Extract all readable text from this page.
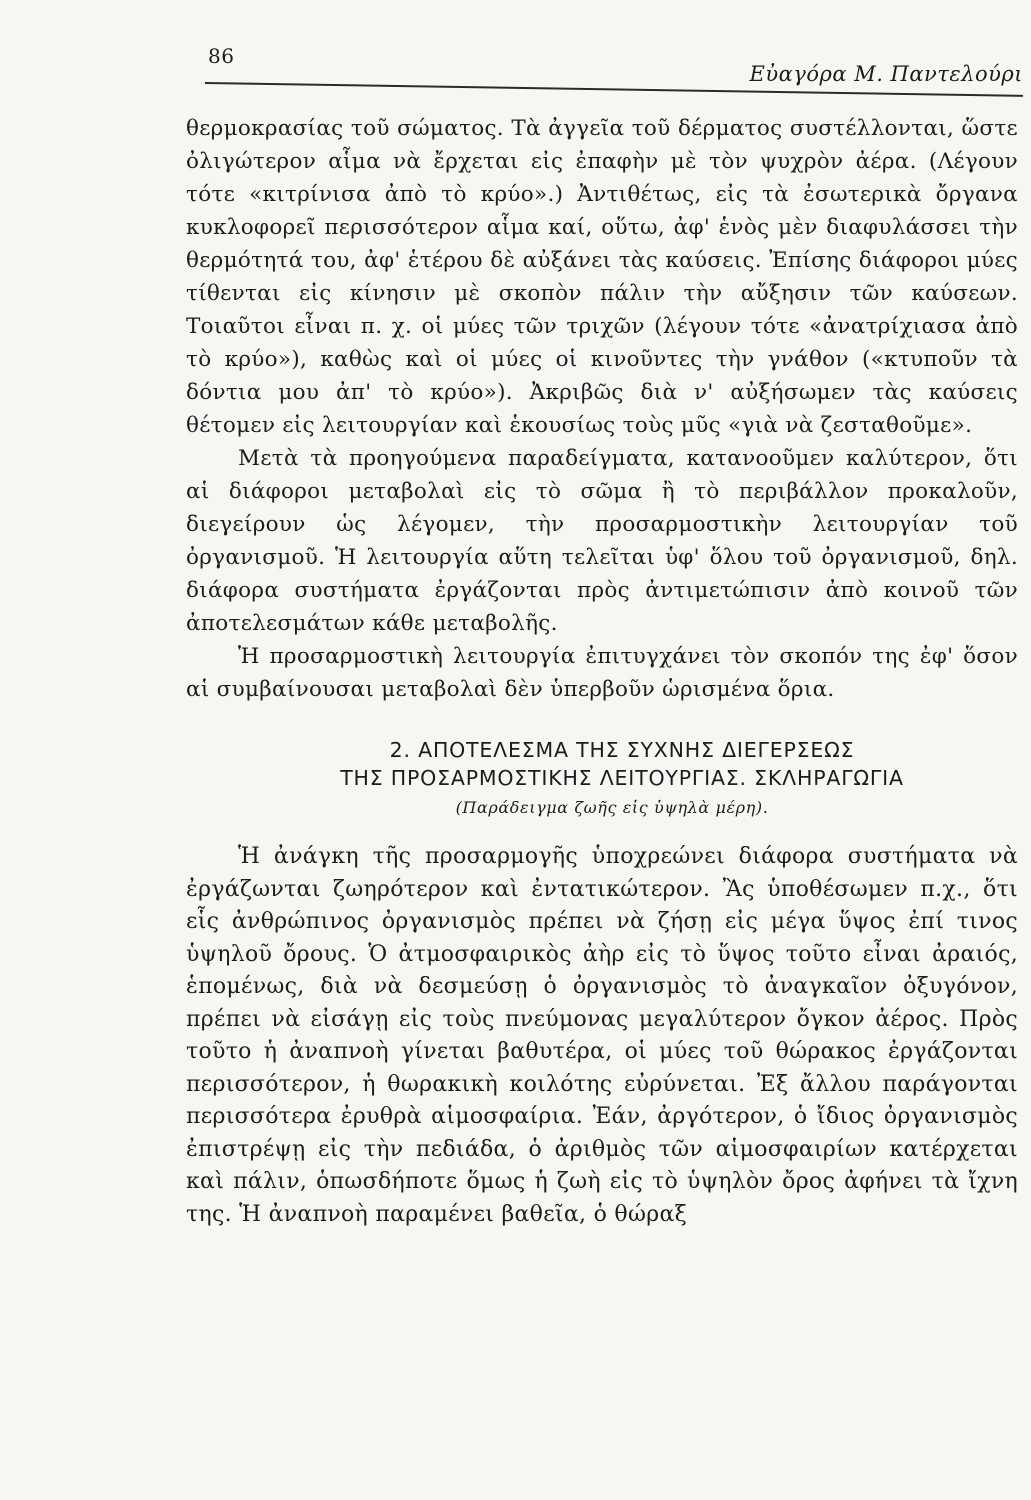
86
Εὐαγόρα Μ. Παντελούρι

θερμοκρασίας τοῦ σώματος. Τὰ ἀγγεῖα τοῦ δέρματος συστέλλονται, ὥστε ὀλιγώτερον αἷμα νὰ ἔρχεται εἰς ἐπαφὴν μὲ τὸν ψυχρὸν ἀέρα. (Λέγουν τότε «κιτρίνισα ἀπὸ τὸ κρύο».) Ἀντιθέτως, εἰς τὰ ἐσωτερικὰ ὄργανα κυκλοφορεῖ περισσότερον αἷμα καί, οὕτω, ἀφ' ἑνὸς μὲν διαφυλάσσει τὴν θερμότητά του, ἀφ' ἑτέρου δὲ αὐξάνει τὰς καύσεις. Ἐπίσης διάφοροι μύες τίθενται εἰς κίνησιν μὲ σκοπὸν πάλιν τὴν αὔξησιν τῶν καύσεων. Τοιαῦτοι εἶναι π. χ. οἱ μύες τῶν τριχῶν (λέγουν τότε «ἀνατρίχιασα ἀπὸ τὸ κρύο»), καθὼς καὶ οἱ μύες οἱ κινοῦντες τὴν γνάθον («κτυποῦν τὰ δόντια μου ἀπ' τὸ κρύο»). Ἀκριβῶς διὰ ν' αὐξήσωμεν τὰς καύσεις θέτομεν εἰς λειτουργίαν καὶ ἑκουσίως τοὺς μῦς «γιὰ νὰ ζεσταθοῦμε».

Μετὰ τὰ προηγούμενα παραδείγματα, κατανοοῦμεν καλύτερον, ὅτι αἱ διάφοροι μεταβολαὶ εἰς τὸ σῶμα ἢ τὸ περιβάλλον προκαλοῦν, διεγείρουν ὡς λέγομεν, τὴν προσαρμοστικὴν λειτουργίαν τοῦ ὀργανισμοῦ. Ἡ λειτουργία αὕτη τελεῖται ὑφ' ὅλου τοῦ ὀργανισμοῦ, δηλ. διάφορα συστήματα ἐργάζονται πρὸς ἀντιμετώπισιν ἀπὸ κοινοῦ τῶν ἀποτελεσμάτων κάθε μεταβολῆς.

Ἡ προσαρμοστικὴ λειτουργία ἐπιτυγχάνει τὸν σκοπόν της ἐφ' ὅσον αἱ συμβαίνουσαι μεταβολαὶ δὲν ὑπερβοῦν ὡρισμένα ὅρια.

2. ΑΠΟΤΕΛΕΣΜΑ ΤΗΣ ΣΥΧΝΗΣ ΔΙΕΓΕΡΣΕΩΣ
ΤΗΣ ΠΡΟΣΑΡΜΟΣΤΙΚΗΣ ΛΕΙΤΟΥΡΓΙΑΣ. ΣΚΛΗΡΑΓΩΓΙΑ
(Παράδειγμα ζωῆς εἰς ὑψηλὰ μέρη).

Ἡ ἀνάγκη τῆς προσαρμογῆς ὑποχρεώνει διάφορα συστήματα νὰ ἐργάζωνται ζωηρότερον καὶ ἐντατικώτερον. Ἂς ὑποθέσωμεν π.χ., ὅτι εἷς ἀνθρώπινος ὀργανισμὸς πρέπει νὰ ζήσῃ εἰς μέγα ὕψος ἐπί τινος ὑψηλοῦ ὄρους. Ὁ ἀτμοσφαιρικὸς ἀὴρ εἰς τὸ ὕψος τοῦτο εἶναι ἀραιός, ἑπομένως, διὰ νὰ δεσμεύσῃ ὁ ὀργανισμὸς τὸ ἀναγκαῖον ὀξυγόνον, πρέπει νὰ εἰσάγῃ εἰς τοὺς πνεύμονας μεγαλύτερον ὄγκον ἀέρος. Πρὸς τοῦτο ἡ ἀναπνοὴ γίνεται βαθυτέρα, οἱ μύες τοῦ θώρακος ἐργάζονται περισσότερον, ἡ θωρακικὴ κοιλότης εὐρύνεται. Ἐξ ἄλλου παράγονται περισσότερα ἐρυθρὰ αἱμοσφαίρια. Ἐάν, ἀργότερον, ὁ ἴδιος ὀργανισμὸς ἐπιστρέψῃ εἰς τὴν πεδιάδα, ὁ ἀριθμὸς τῶν αἱμοσφαιρίων κατέρχεται καὶ πάλιν, ὁπωσδήποτε ὅμως ἡ ζωὴ εἰς τὸ ὑψηλὸν ὄρος ἀφήνει τὰ ἴχνη της. Ἡ ἀναπνοὴ παραμένει βαθεῖα, ὁ θώραξ
